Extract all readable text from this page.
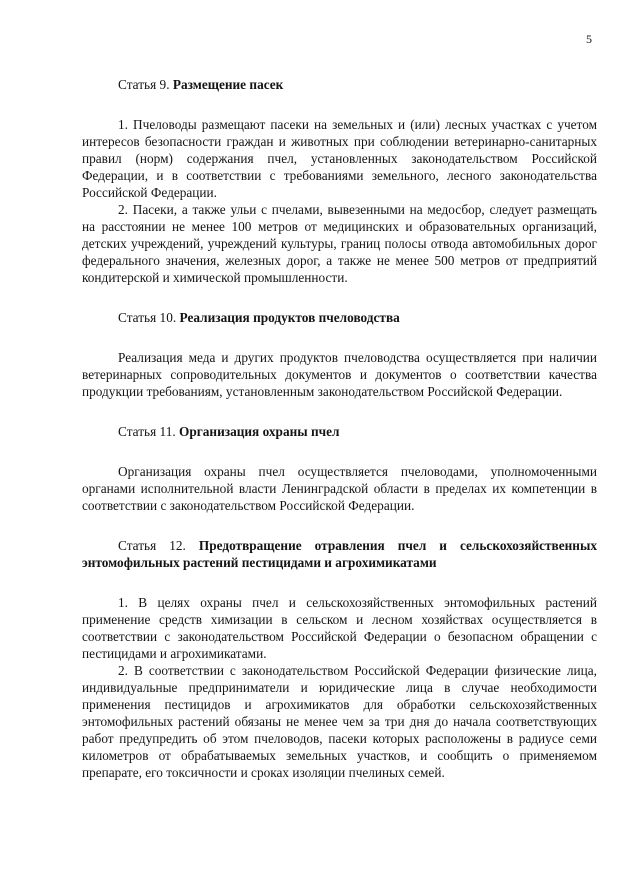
5
Статья 9. Размещение пасек

1. Пчеловоды размещают пасеки на земельных и (или) лесных участках с учетом интересов безопасности граждан и животных при соблюдении ветеринарно-санитарных правил (норм) содержания пчел, установленных законодательством Российской Федерации, и в соответствии с требованиями земельного, лесного законодательства Российской Федерации.

2. Пасеки, а также ульи с пчелами, вывезенными на медосбор, следует размещать на расстоянии не менее 100 метров от медицинских и образовательных организаций, детских учреждений, учреждений культуры, границ полосы отвода автомобильных дорог федерального значения, железных дорог, а также не менее 500 метров от предприятий кондитерской и химической промышленности.

Статья 10. Реализация продуктов пчеловодства

Реализация меда и других продуктов пчеловодства осуществляется при наличии ветеринарных сопроводительных документов и документов о соответствии качества продукции требованиям, установленным законодательством Российской Федерации.

Статья 11. Организация охраны пчел

Организация охраны пчел осуществляется пчеловодами, уполномоченными органами исполнительной власти Ленинградской области в пределах их компетенции в соответствии с законодательством Российской Федерации.

Статья 12. Предотвращение отравления пчел и сельскохозяйственных энтомофильных растений пестицидами и агрохимикатами

1. В целях охраны пчел и сельскохозяйственных энтомофильных растений применение средств химизации в сельском и лесном хозяйствах осуществляется в соответствии с законодательством Российской Федерации о безопасном обращении с пестицидами и агрохимикатами.

2. В соответствии с законодательством Российской Федерации физические лица, индивидуальные предприниматели и юридические лица в случае необходимости применения пестицидов и агрохимикатов для обработки сельскохозяйственных энтомофильных растений обязаны не менее чем за три дня до начала соответствующих работ предупредить об этом пчеловодов, пасеки которых расположены в радиусе семи километров от обрабатываемых земельных участков, и сообщить о применяемом препарате, его токсичности и сроках изоляции пчелиных семей.
